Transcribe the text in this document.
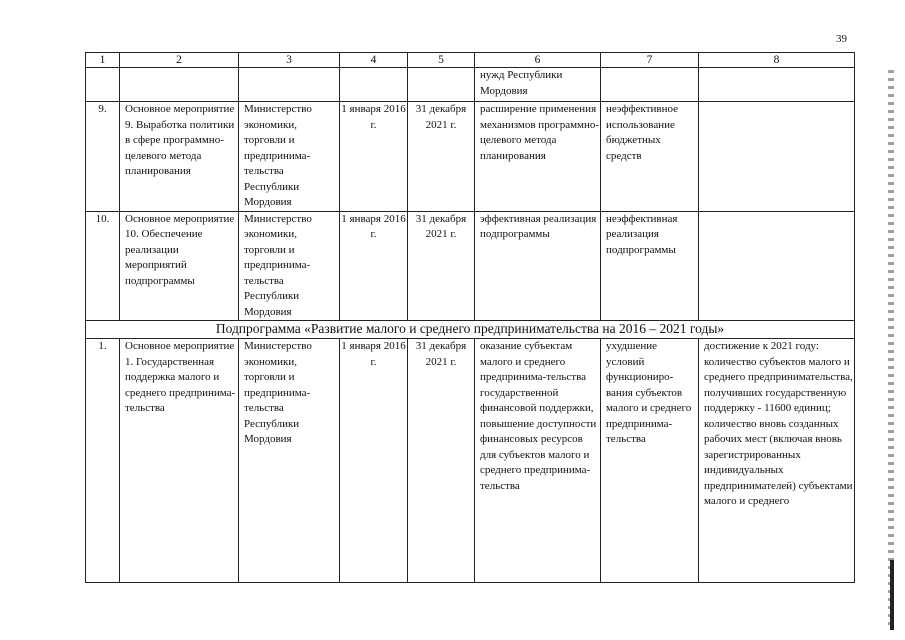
39
1	2	3	4	5	6	7	8
					нужд Республики Мордовия		
9.	Основное мероприятие 9. Выработка политики в сфере программно-целевого метода планирования	Министерство экономики, торговли и предпринима-тельства Республики Мордовия	1 января 2016 г.	31 декабря 2021 г.	расширение применения механизмов программно-целевого метода планирования	неэффективное использование бюджетных средств	
10.	Основное мероприятие 10. Обеспечение реализации мероприятий подпрограммы	Министерство экономики, торговли и предпринима-тельства Республики Мордовия	1 января 2016 г.	31 декабря 2021 г.	эффективная реализация подпрограммы	неэффективная реализация подпрограммы	
Подпрограмма «Развитие малого и среднего предпринимательства на 2016 – 2021 годы»							
1.	Основное мероприятие 1. Государственная поддержка малого и среднего предпринима-тельства	Министерство экономики, торговли и предпринима-тельства Республики Мордовия	1 января 2016 г.	31 декабря 2021 г.	оказание субъектам малого и среднего предпринима-тельства государственной финансовой поддержки, повышение доступности финансовых ресурсов для субъектов малого и среднего предпринима-тельства	ухудшение условий функциониро-вания субъектов малого и среднего предпринима-тельства	достижение к 2021 году: количество субъектов малого и среднего предпринимательства, получивших государственную поддержку - 11600 единиц; количество вновь созданных рабочих мест (включая вновь зарегистрированных индивидуальных предпринимателей) субъектами малого и среднего
